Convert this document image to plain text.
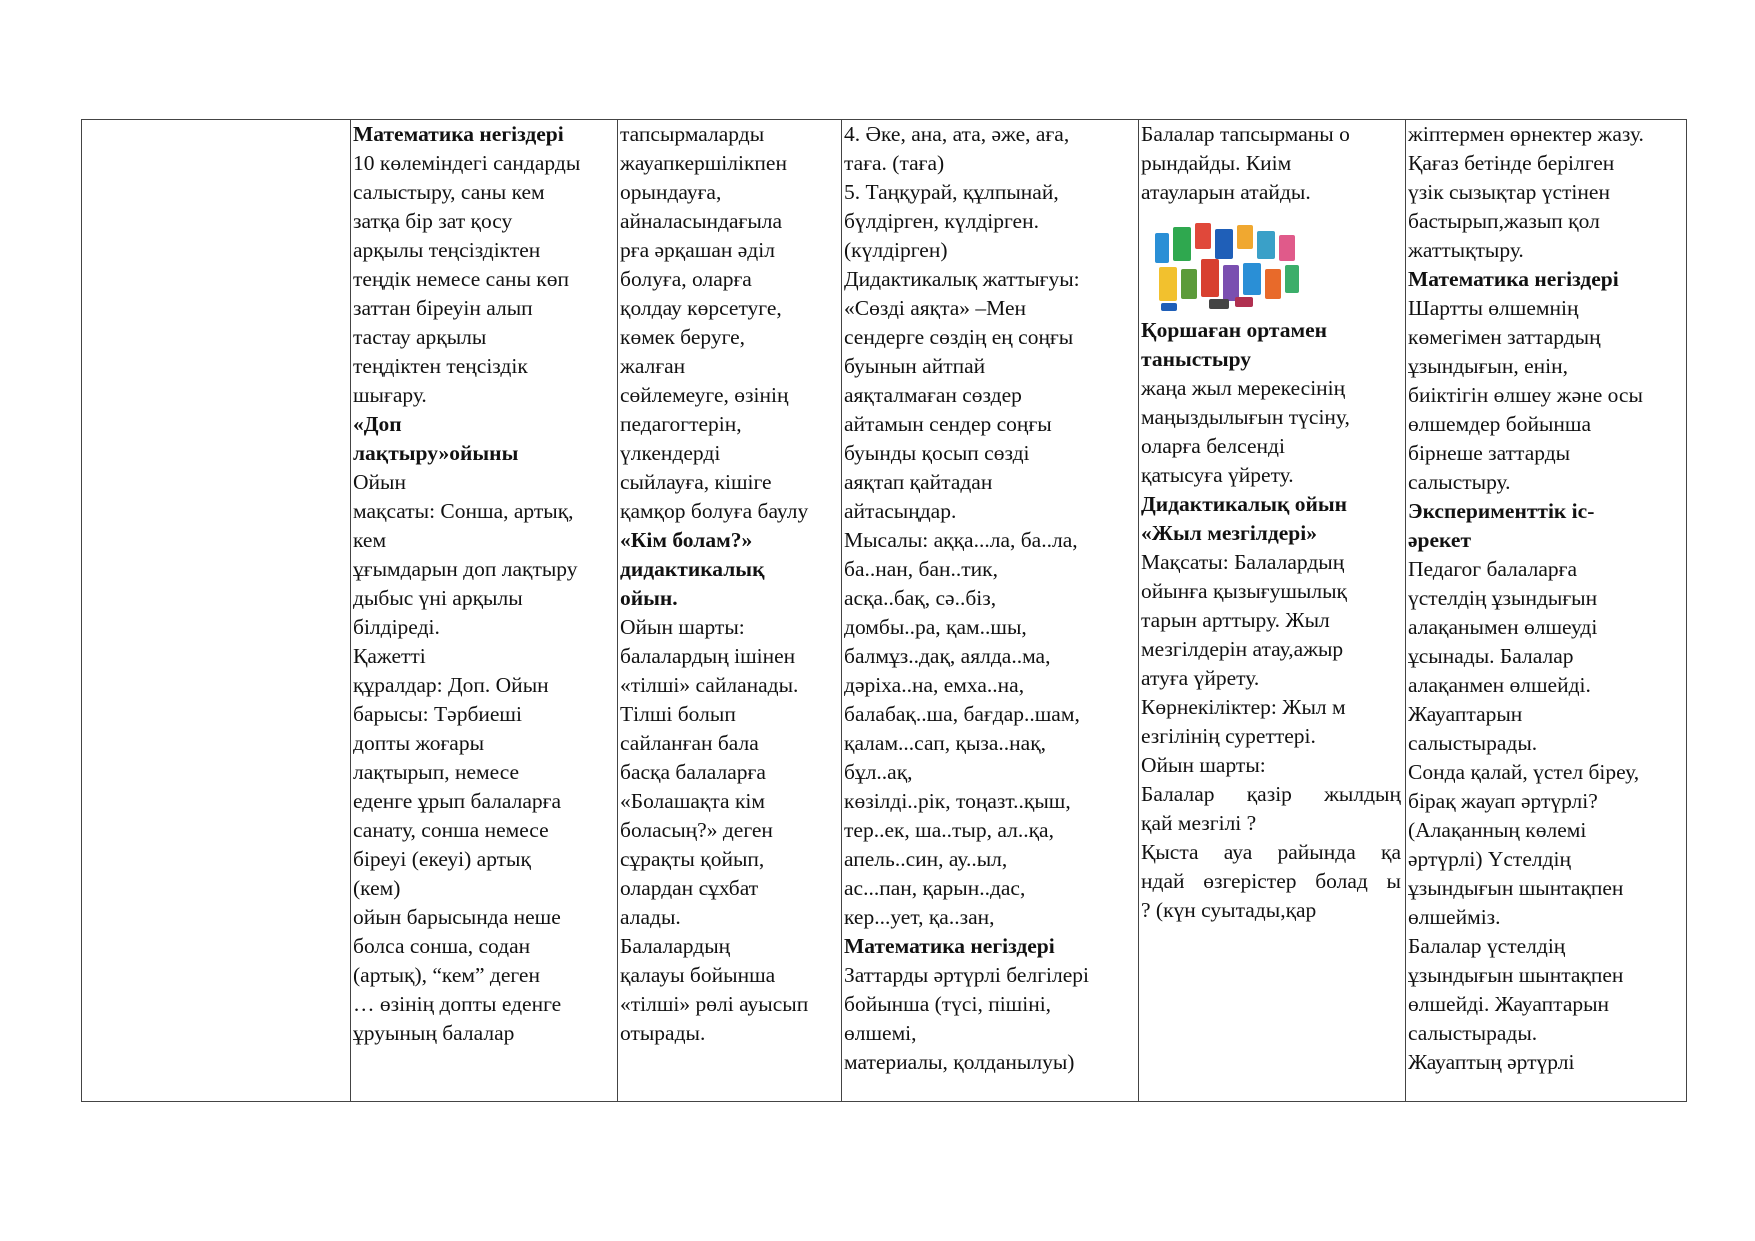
Математика негіздері
10 көлеміндегі сандарды
салыстыру, саны кем
затқа бір зат қосу
арқылы теңсіздіктен
теңдік немесе саны көп
заттан біреуін алып
тастау арқылы
теңдіктен теңсіздік
шығару.
«Доп
лақтыру»ойыны
Ойын
мақсаты: Сонша, артық,
кем
ұғымдарын доп лақтыру
дыбыс үні арқылы
білдіреді.
Қажетті
құралдар: Доп. Ойын
барысы: Тәрбиеші
допты жоғары
лақтырып, немесе
еденге ұрып балаларға
санату, сонша немесе
біреуі (екеуі) артық
(кем)
ойын барысында неше
болса сонша, содан
(артық), “кем” деген
… өзінің допты еденге
ұруының балалар
тапсырмаларды
жауапкершілікпен
орындауға,
айналасындағыла
рға әрқашан әділ
болуға, оларға
қолдау көрсетуге,
көмек беруге,
жалған
сөйлемеуге, өзінің
педагогтерін,
үлкендерді
сыйлауға, кішіге
қамқор болуға баулу
«Кім болам?»
дидактикалық
ойын.
Ойын шарты:
балалардың ішінен
«тілші» сайланады.
Тілші болып
сайланған бала
басқа балаларға
«Болашақта кім
боласың?» деген
сұрақты қойып,
олардан сұхбат
алады.
Балалардың
қалауы бойынша
«тілші» рөлі ауысып
отырады.
4. Әке, ана, ата, әже, аға,
тағa. (тағa)
5. Таңқурай, құлпынай,
бүлдірген, күлдірген.
(күлдірген)
Дидактикалық жаттығуы:
«Сөзді аяқта» –Мен
сендерге сөздің ең соңғы
буынын айтпай
аяқталмаған сөздер
айтамын сендер соңғы
буынды қосып сөзді
аяқтап қайтадан
айтасыңдар.
Мысалы: аққа...ла, ба..ла,
ба..нан, бан..тик,
асқа..бақ, сә..біз,
домбы..ра, қам..шы,
балмұз..дақ, аялда..ма,
дәріха..на, емха..на,
балабақ..ша, бағдар..шам,
қалам...сап, қыза..нақ,
бұл..ақ,
көзілді..рік, тоңазт..қыш,
тер..ек, ша..тыр, ал..қа,
апель..син, ау..ыл,
ас...пан, қарын..дас,
кер...ует, қа..зан,
Математика негіздері
Заттарды әртүрлі белгілері
бойынша (түсі, пішіні,
өлшемі,
материалы, қолданылуы)
Балалар тапсырманы о
рындайды. Киім
атауларын атайды.
Қоршаған ортамен
таныстыру
жаңа жыл мерекесінің
маңыздылығын түсіну,
оларға белсенді
қатысуға үйрету.
Дидактикалық ойын
«Жыл мезгілдері»
Мақсаты: Балалардың
ойынға қызығушылық
тарын арттыру. Жыл
мезгілдерін атау,ажыр
атуға үйрету.
Көрнекіліктер: Жыл м
езгілінің суреттері.
Ойын шарты:
Балалар қазір жылдың
қай мезгілі ?
Қыста ауа райында қа
ндай өзгерістер болад ы
? (күн суытады,қар
жіптермен өрнектер жазу.
Қағаз бетінде берілген
үзік сызықтар үстінен
бастырып,жазып қол
жаттықтыру.
Математика негіздері
Шартты өлшемнің
көмегімен заттардың
ұзындығын, енін,
биіктігін өлшеу және осы
өлшемдер бойынша
бірнеше заттарды
салыстыру.
Эксперименттік іс-
әрекет
Педагог балаларға
үстелдің ұзындығын
алақанымен өлшеуді
ұсынады. Балалар
алақанмен өлшейді.
Жауаптарын
салыстырады.
Сонда қалай, үстел біреу,
бірақ жауап әртүрлі?
(Алақанның көлемі
әртүрлі) Үстелдің
ұзындығын шынтақпен
өлшейміз.
Балалар үстелдің
ұзындығын шынтақпен
өлшейді. Жауаптарын
салыстырады.
Жауаптың әртүрлі
